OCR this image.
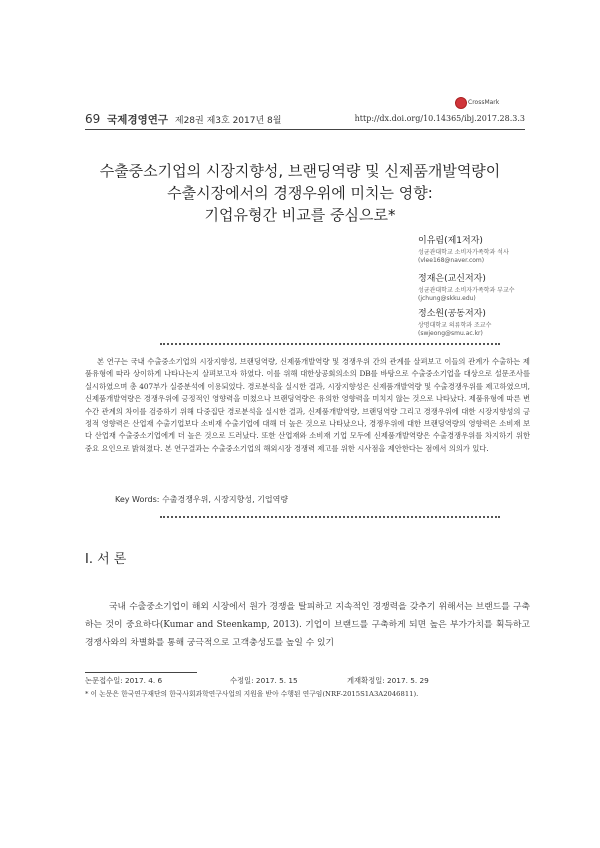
CrossMark
69 국제경영연구 제28권 제3호 2017년 8월	http://dx.doi.org/10.14365/ibj.2017.28.3.3
수출중소기업의 시장지향성, 브랜딩역량 및 신제품개발역량이
수출시장에서의 경쟁우위에 미치는 영향:
기업유형간 비교를 중심으로*
이유림(제1저자)
성균관대학교 소비자가족학과 석사
(vlee168@naver.com)
정재은(교신저자)
성균관대학교 소비자가족학과 부교수
(jchung@skku.edu)
정소원(공동저자)
상명대학교 의류학과 조교수
(swjeong@smu.ac.kr)
본 연구는 국내 수출중소기업의 시장지향성, 브랜딩역량, 신제품개발역량 및 경쟁우위 간의 관계를 살펴보고 이들의 관계가 수출하는 제품유형에 따라 상이하게 나타나는지 살펴보고자 하였다. 이를 위해 대한상공회의소의 DB를 바탕으로 수출중소기업을 대상으로 설문조사를 실시하였으며 총 407부가 실증분석에 이용되었다. 경로분석을 실시한 결과, 시장지향성은 신제품개발역량 및 수출경쟁우위를 제고하였으며, 신제품개발역량은 경쟁우위에 긍정적인 영향력을 미쳤으나 브랜딩역량은 유의한 영향력을 미치지 않는 것으로 나타났다. 제품유형에 따른 변수간 관계의 차이를 검증하기 위해 다중집단 경로분석을 실시한 결과, 신제품개발역량, 브랜딩역량 그리고 경쟁우위에 대한 시장지향성의 긍정적 영향력은 산업재 수출기업보다 소비재 수출기업에 대해 더 높은 것으로 나타났으나, 경쟁우위에 대한 브랜딩역량의 영향력은 소비재 보다 산업재 수출중소기업에게 더 높은 것으로 드러났다. 또한 산업재와 소비재 기업 모두에 신제품개발역량은 수출경쟁우위를 차지하기 위한 중요 요인으로 밝혀졌다. 본 연구결과는 수출중소기업의 해외시장 경쟁력 제고를 위한 시사점을 제안한다는 점에서 의의가 있다.
Key Words: 수출경쟁우위, 시장지향성, 기업역량
Ⅰ. 서 론
국내 수출중소기업이 해외 시장에서 원가 경쟁을 탈피하고 지속적인 경쟁력을 갖추기 위해서는 브랜드를 구축하는 것이 중요하다(Kumar and Steenkamp, 2013). 기업이 브랜드를 구축하게 되면 높은 부가가치를 획득하고 경쟁사와의 차별화를 통해 궁극적으로 고객충성도를 높일 수 있기
논문접수일: 2017. 4. 6	수정일: 2017. 5. 15	게재확정일: 2017. 5. 29
* 이 논문은 한국연구재단의 한국사회과학연구사업의 지원을 받아 수행된 연구임(NRF-2015S1A3A2046811).
